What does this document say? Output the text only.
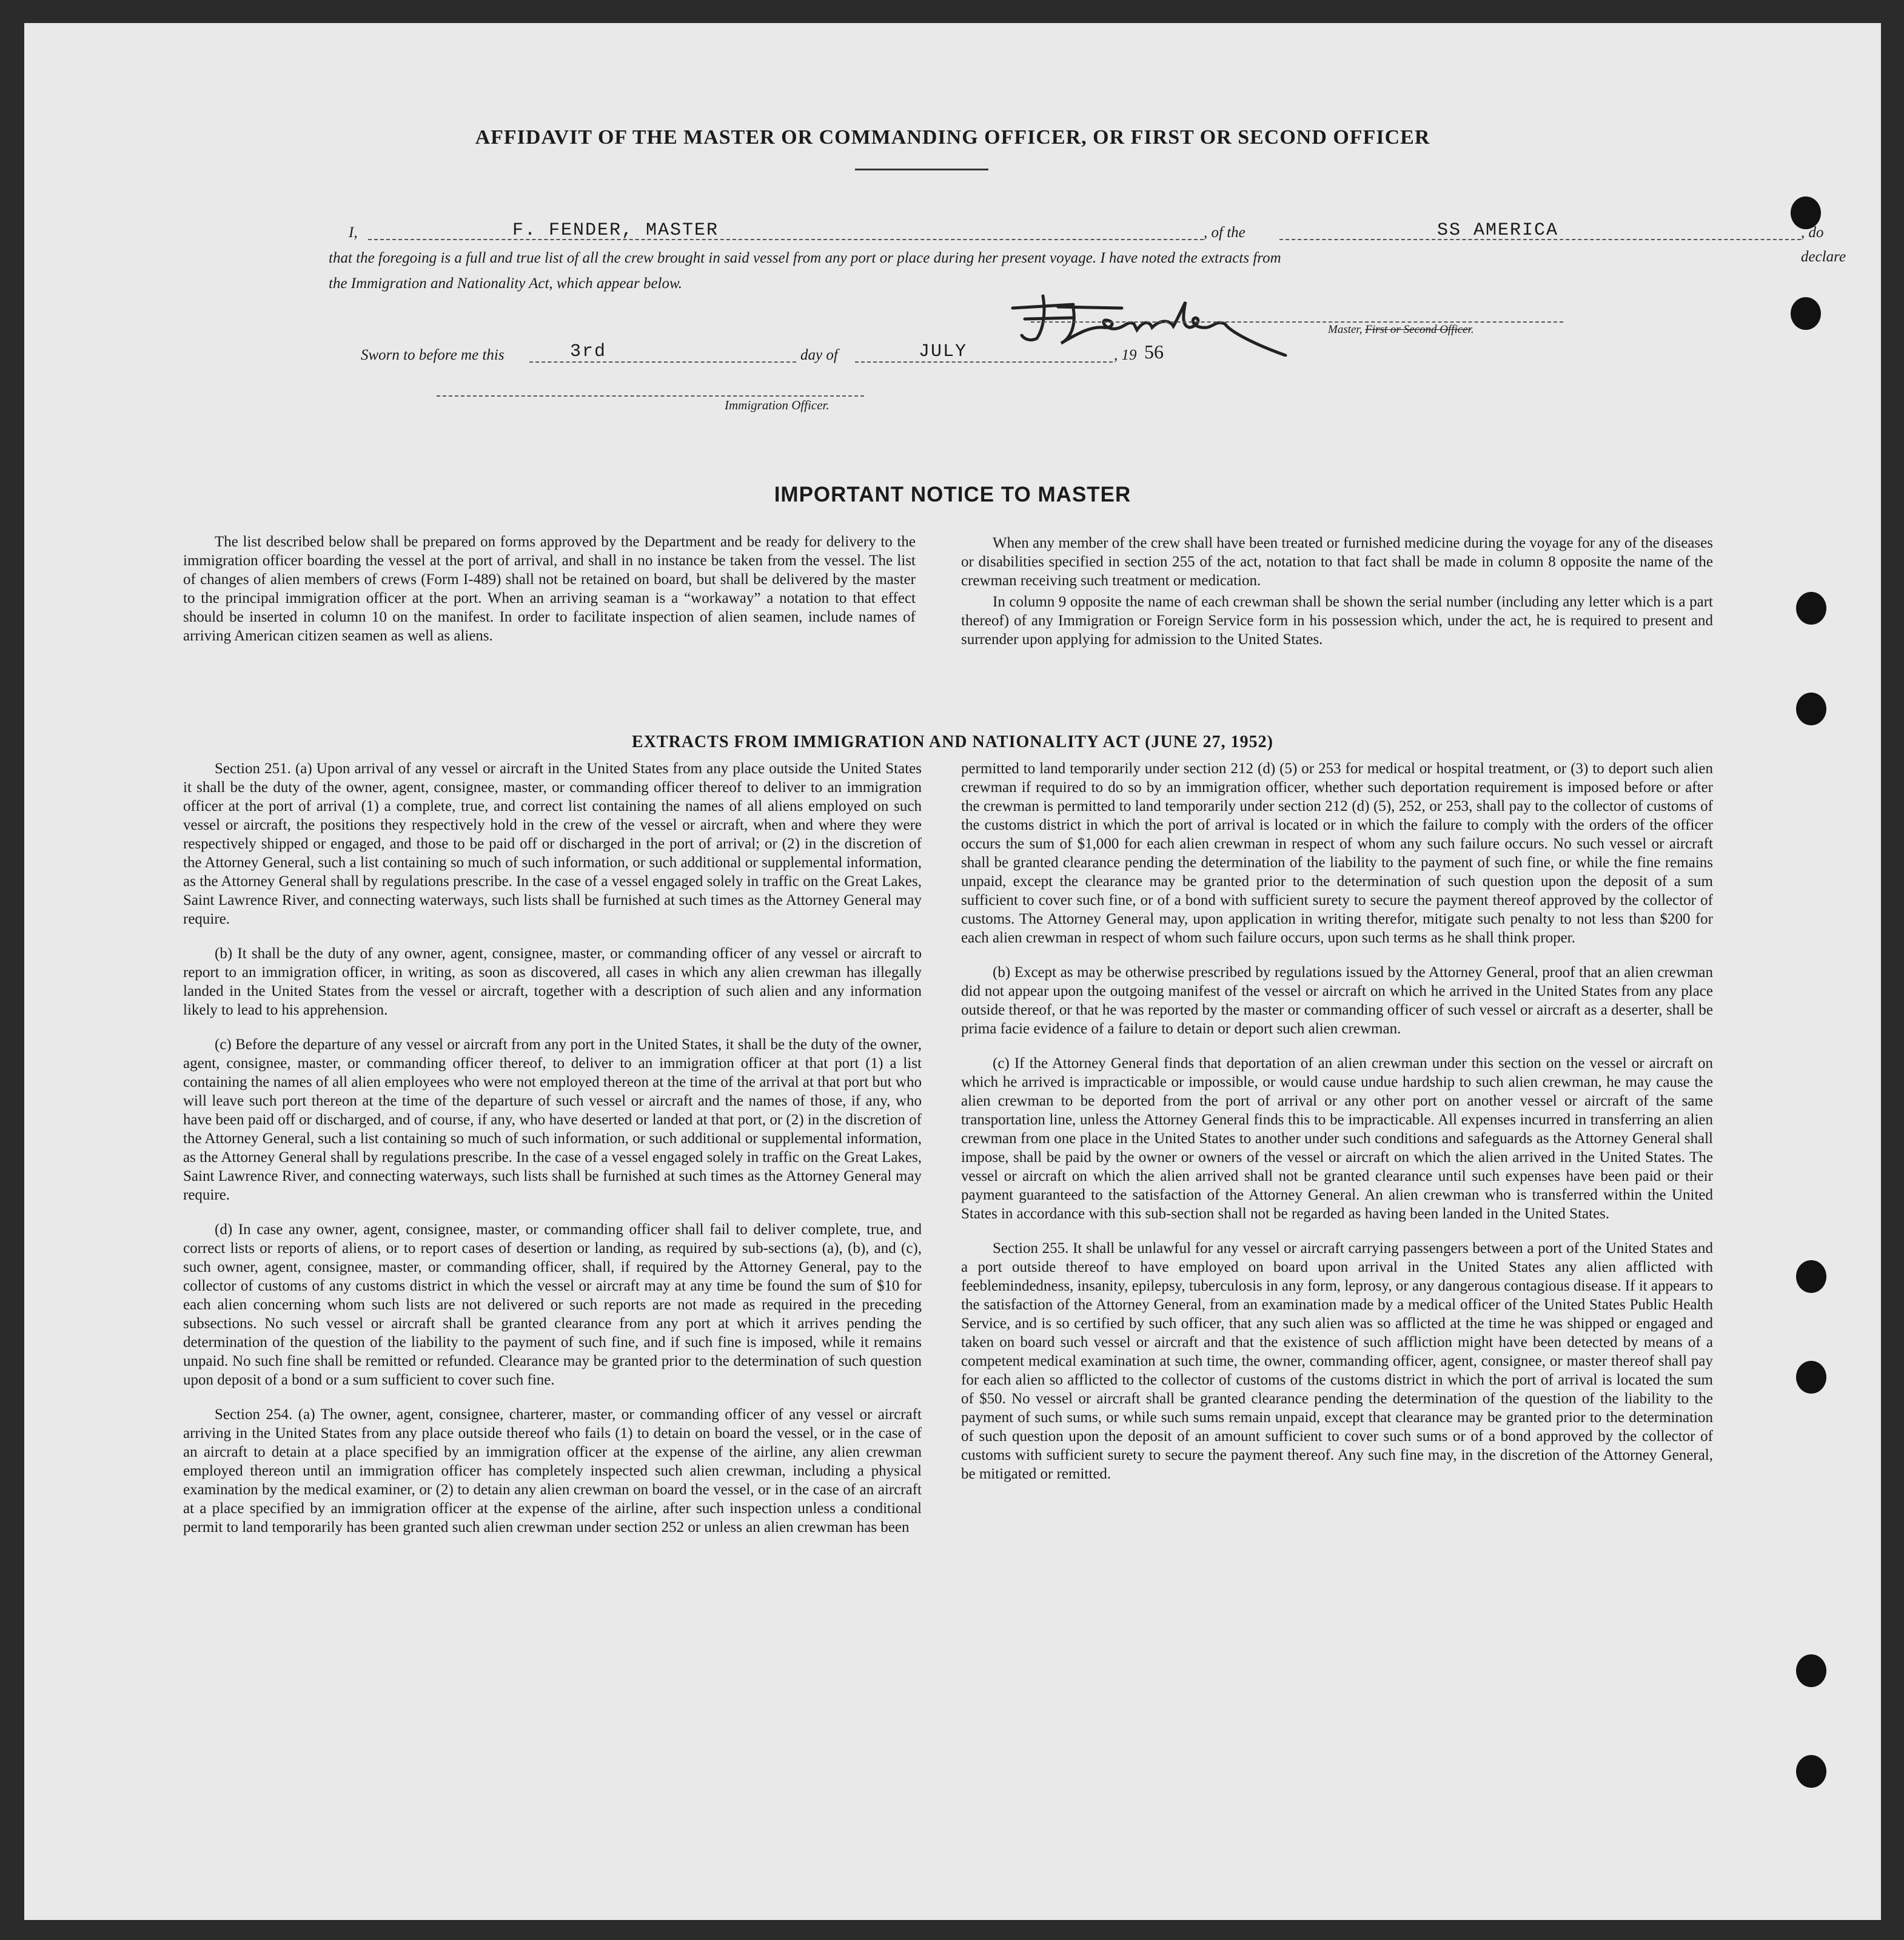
AFFIDAVIT OF THE MASTER OR COMMANDING OFFICER, OR FIRST OR SECOND OFFICER
I,	F. FENDER, MASTER	, of the	SS AMERICA	, do declare
that the foregoing is a full and true list of all the crew brought in said vessel from any port or place during her present voyage. I have noted the extracts from
the Immigration and Nationality Act, which appear below.
Master, First or Second Officer.
Sworn to before me this	3rd	day of	JULY	, 19 56
Immigration Officer.
IMPORTANT NOTICE TO MASTER

The list described below shall be prepared on forms approved by the Department and be ready for delivery to the immigration officer boarding the vessel at the port of arrival, and shall in no instance be taken from the vessel. The list of changes of alien members of crews (Form I-489) shall not be retained on board, but shall be delivered by the master to the principal immigration officer at the port. When an arriving seaman is a “workaway” a notation to that effect should be inserted in column 10 on the manifest. In order to facilitate inspection of alien seamen, include names of arriving American citizen seamen as well as aliens.

When any member of the crew shall have been treated or furnished medicine during the voyage for any of the diseases or disabilities specified in section 255 of the act, notation to that fact shall be made in column 8 opposite the name of the crewman receiving such treatment or medication.

In column 9 opposite the name of each crewman shall be shown the serial number (including any letter which is a part thereof) of any Immigration or Foreign Service form in his possession which, under the act, he is required to present and surrender upon applying for admission to the United States.

EXTRACTS FROM IMMIGRATION AND NATIONALITY ACT (JUNE 27, 1952)

Section 251. (a) Upon arrival of any vessel or aircraft in the United States from any place outside the United States it shall be the duty of the owner, agent, consignee, master, or commanding officer thereof to deliver to an immigration officer at the port of arrival (1) a complete, true, and correct list containing the names of all aliens employed on such vessel or aircraft, the positions they respectively hold in the crew of the vessel or aircraft, when and where they were respectively shipped or engaged, and those to be paid off or discharged in the port of arrival; or (2) in the discretion of the Attorney General, such a list containing so much of such information, or such additional or supplemental information, as the Attorney General shall by regulations prescribe. In the case of a vessel engaged solely in traffic on the Great Lakes, Saint Lawrence River, and connecting waterways, such lists shall be furnished at such times as the Attorney General may require.

(b) It shall be the duty of any owner, agent, consignee, master, or commanding officer of any vessel or aircraft to report to an immigration officer, in writing, as soon as discovered, all cases in which any alien crewman has illegally landed in the United States from the vessel or aircraft, together with a description of such alien and any information likely to lead to his apprehension.

(c) Before the departure of any vessel or aircraft from any port in the United States, it shall be the duty of the owner, agent, consignee, master, or commanding officer thereof, to deliver to an immigration officer at that port (1) a list containing the names of all alien employees who were not employed thereon at the time of the arrival at that port but who will leave such port thereon at the time of the departure of such vessel or aircraft and the names of those, if any, who have been paid off or discharged, and of course, if any, who have deserted or landed at that port, or (2) in the discretion of the Attorney General, such a list containing so much of such information, or such additional or supplemental information, as the Attorney General shall by regulations prescribe. In the case of a vessel engaged solely in traffic on the Great Lakes, Saint Lawrence River, and connecting waterways, such lists shall be furnished at such times as the Attorney General may require.

(d) In case any owner, agent, consignee, master, or commanding officer shall fail to deliver complete, true, and correct lists or reports of aliens, or to report cases of desertion or landing, as required by sub-sections (a), (b), and (c), such owner, agent, consignee, master, or commanding officer, shall, if required by the Attorney General, pay to the collector of customs of any customs district in which the vessel or aircraft may at any time be found the sum of $10 for each alien concerning whom such lists are not delivered or such reports are not made as required in the preceding subsections. No such vessel or aircraft shall be granted clearance from any port at which it arrives pending the determination of the question of the liability to the payment of such fine, and if such fine is imposed, while it remains unpaid. No such fine shall be remitted or refunded. Clearance may be granted prior to the determination of such question upon deposit of a bond or a sum sufficient to cover such fine.

Section 254. (a) The owner, agent, consignee, charterer, master, or commanding officer of any vessel or aircraft arriving in the United States from any place outside thereof who fails (1) to detain on board the vessel, or in the case of an aircraft to detain at a place specified by an immigration officer at the expense of the airline, any alien crewman employed thereon until an immigration officer has completely inspected such alien crewman, including a physical examination by the medical examiner, or (2) to detain any alien crewman on board the vessel, or in the case of an aircraft at a place specified by an immigration officer at the expense of the airline, after such inspection unless a conditional permit to land temporarily has been granted such alien crewman under section 252 or unless an alien crewman has been

permitted to land temporarily under section 212 (d) (5) or 253 for medical or hospital treatment, or (3) to deport such alien crewman if required to do so by an immigration officer, whether such deportation requirement is imposed before or after the crewman is permitted to land temporarily under section 212 (d) (5), 252, or 253, shall pay to the collector of customs of the customs district in which the port of arrival is located or in which the failure to comply with the orders of the officer occurs the sum of $1,000 for each alien crewman in respect of whom any such failure occurs. No such vessel or aircraft shall be granted clearance pending the determination of the liability to the payment of such fine, or while the fine remains unpaid, except the clearance may be granted prior to the determination of such question upon the deposit of a sum sufficient to cover such fine, or of a bond with sufficient surety to secure the payment thereof approved by the collector of customs. The Attorney General may, upon application in writing therefor, mitigate such penalty to not less than $200 for each alien crewman in respect of whom such failure occurs, upon such terms as he shall think proper.

(b) Except as may be otherwise prescribed by regulations issued by the Attorney General, proof that an alien crewman did not appear upon the outgoing manifest of the vessel or aircraft on which he arrived in the United States from any place outside thereof, or that he was reported by the master or commanding officer of such vessel or aircraft as a deserter, shall be prima facie evidence of a failure to detain or deport such alien crewman.

(c) If the Attorney General finds that deportation of an alien crewman under this section on the vessel or aircraft on which he arrived is impracticable or impossible, or would cause undue hardship to such alien crewman, he may cause the alien crewman to be deported from the port of arrival or any other port on another vessel or aircraft of the same transportation line, unless the Attorney General finds this to be impracticable. All expenses incurred in transferring an alien crewman from one place in the United States to another under such conditions and safeguards as the Attorney General shall impose, shall be paid by the owner or owners of the vessel or aircraft on which the alien arrived in the United States. The vessel or aircraft on which the alien arrived shall not be granted clearance until such expenses have been paid or their payment guaranteed to the satisfaction of the Attorney General. An alien crewman who is transferred within the United States in accordance with this sub-section shall not be regarded as having been landed in the United States.

Section 255. It shall be unlawful for any vessel or aircraft carrying passengers between a port of the United States and a port outside thereof to have employed on board upon arrival in the United States any alien afflicted with feeblemindedness, insanity, epilepsy, tuberculosis in any form, leprosy, or any dangerous contagious disease. If it appears to the satisfaction of the Attorney General, from an examination made by a medical officer of the United States Public Health Service, and is so certified by such officer, that any such alien was so afflicted at the time he was shipped or engaged and taken on board such vessel or aircraft and that the existence of such affliction might have been detected by means of a competent medical examination at such time, the owner, commanding officer, agent, consignee, or master thereof shall pay for each alien so afflicted to the collector of customs of the customs district in which the port of arrival is located the sum of $50. No vessel or aircraft shall be granted clearance pending the determination of the question of the liability to the payment of such sums, or while such sums remain unpaid, except that clearance may be granted prior to the determination of such question upon the deposit of an amount sufficient to cover such sums or of a bond approved by the collector of customs with sufficient surety to secure the payment thereof. Any such fine may, in the discretion of the Attorney General, be mitigated or remitted.
